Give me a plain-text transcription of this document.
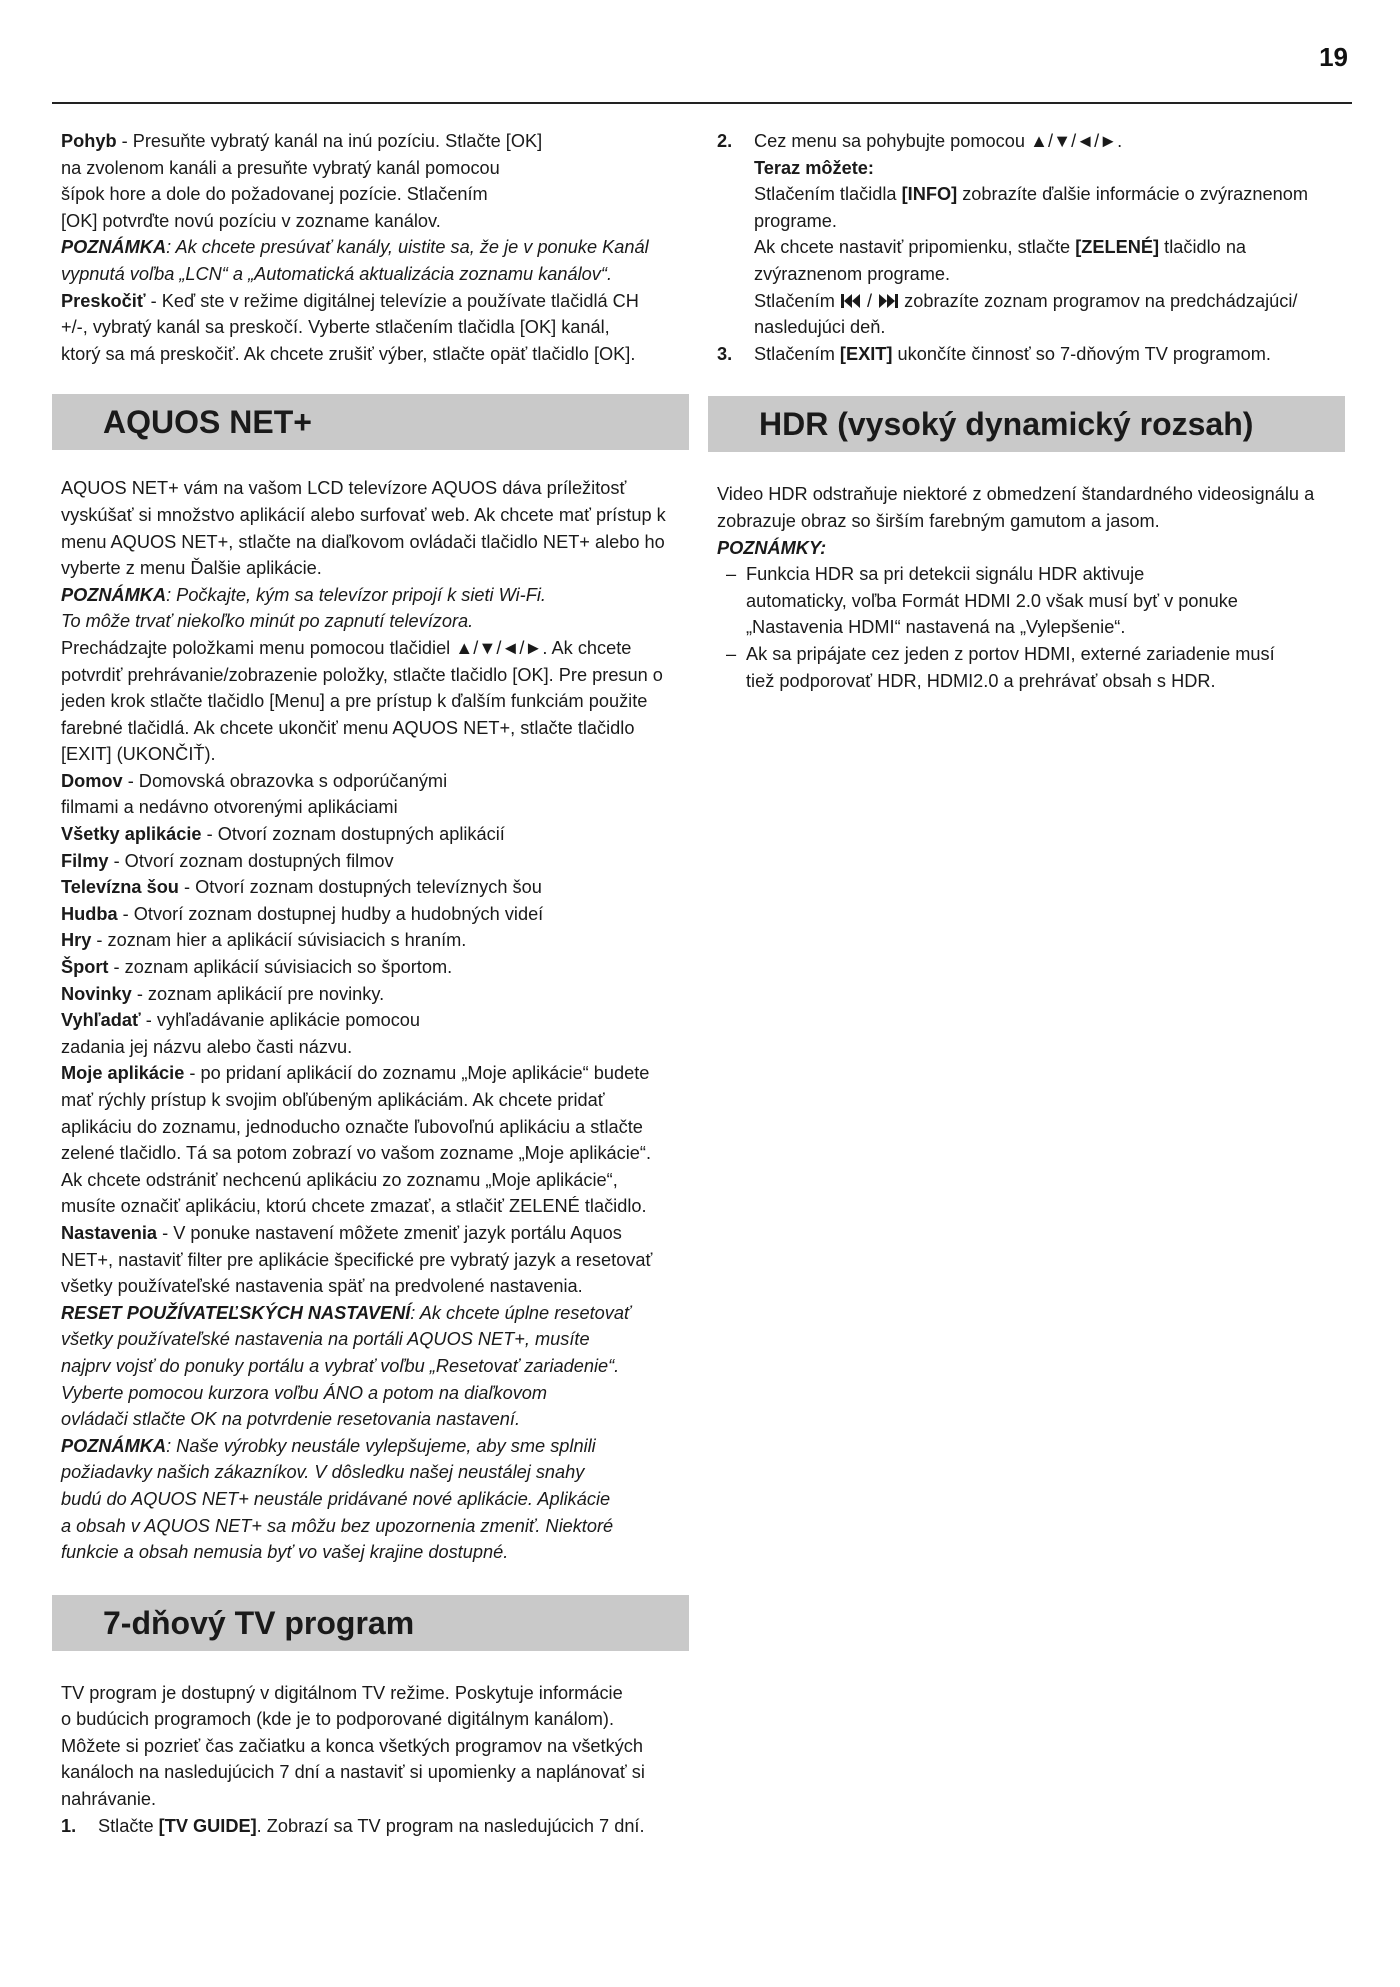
19
Pohyb - Presuňte vybratý kanál na inú pozíciu. Stlačte [OK]
na zvolenom kanáli a presuňte vybratý kanál pomocou
šípok hore a dole do požadovanej pozície. Stlačením
[OK] potvrďte novú pozíciu v zozname kanálov.
POZNÁMKA: Ak chcete presúvať kanály, uistite sa, že je v ponuke Kanál
vypnutá voľba „LCN“ a „Automatická aktualizácia zoznamu kanálov“.
Preskočiť - Keď ste v režime digitálnej televízie a používate tlačidlá CH
+/-, vybratý kanál sa preskočí. Vyberte stlačením tlačidla [OK] kanál,
ktorý sa má preskočiť. Ak chcete zrušiť výber, stlačte opäť tlačidlo [OK].
AQUOS NET+
AQUOS NET+ vám na vašom LCD televízore AQUOS dáva príležitosť
vyskúšať si množstvo aplikácií alebo surfovať web. Ak chcete mať prístup k
menu AQUOS NET+, stlačte na diaľkovom ovládači tlačidlo NET+ alebo ho
vyberte z menu Ďalšie aplikácie.
POZNÁMKA: Počkajte, kým sa televízor pripojí k sieti Wi-Fi.
To môže trvať niekoľko minút po zapnutí televízora.
Prechádzajte položkami menu pomocou tlačidiel ▲/▼/◄/►. Ak chcete
potvrdiť prehrávanie/zobrazenie položky, stlačte tlačidlo [OK]. Pre presun o
jeden krok stlačte tlačidlo [Menu] a pre prístup k ďalším funkciám použite
farebné tlačidlá. Ak chcete ukončiť menu AQUOS NET+, stlačte tlačidlo
[EXIT] (UKONČIŤ).
Domov - Domovská obrazovka s odporúčanými
filmami a nedávno otvorenými aplikáciami
Všetky aplikácie - Otvorí zoznam dostupných aplikácií
Filmy - Otvorí zoznam dostupných filmov
Televízna šou - Otvorí zoznam dostupných televíznych šou
Hudba - Otvorí zoznam dostupnej hudby a hudobných videí
Hry - zoznam hier a aplikácií súvisiacich s hraním.
Šport - zoznam aplikácií súvisiacich so športom.
Novinky - zoznam aplikácií pre novinky.
Vyhľadať - vyhľadávanie aplikácie pomocou
zadania jej názvu alebo časti názvu.
Moje aplikácie - po pridaní aplikácií do zoznamu „Moje aplikácie“ budete
mať rýchly prístup k svojim obľúbeným aplikáciám. Ak chcete pridať
aplikáciu do zoznamu, jednoducho označte ľubovoľnú aplikáciu a stlačte
zelené tlačidlo. Tá sa potom zobrazí vo vašom zozname „Moje aplikácie“.
Ak chcete odstrániť nechcenú aplikáciu zo zoznamu „Moje aplikácie“,
musíte označiť aplikáciu, ktorú chcete zmazať, a stlačiť ZELENÉ tlačidlo.
Nastavenia - V ponuke nastavení môžete zmeniť jazyk portálu Aquos
NET+, nastaviť filter pre aplikácie špecifické pre vybratý jazyk a resetovať
všetky používateľské nastavenia späť na predvolené nastavenia.
RESET POUŽÍVATEĽSKÝCH NASTAVENÍ: Ak chcete úplne resetovať
všetky používateľské nastavenia na portáli AQUOS NET+, musíte
najprv vojsť do ponuky portálu a vybrať voľbu „Resetovať zariadenie“.
Vyberte pomocou kurzora voľbu ÁNO a potom na diaľkovom
ovládači stlačte OK na potvrdenie resetovania nastavení.
POZNÁMKA: Naše výrobky neustále vylepšujeme, aby sme splnili
požiadavky našich zákazníkov. V dôsledku našej neustálej snahy
budú do AQUOS NET+ neustále pridávané nové aplikácie. Aplikácie
a obsah v AQUOS NET+ sa môžu bez upozornenia zmeniť. Niektoré
funkcie a obsah nemusia byť vo vašej krajine dostupné.
7-dňový TV program
TV program je dostupný v digitálnom TV režime. Poskytuje informácie
o budúcich programoch (kde je to podporované digitálnym kanálom).
Môžete si pozrieť čas začiatku a konca všetkých programov na všetkých
kanáloch na nasledujúcich 7 dní a nastaviť si upomienky a naplánovať si
nahrávanie.
1.	Stlačte [TV GUIDE]. Zobrazí sa TV program na nasledujúcich 7 dní.
2.	Cez menu sa pohybujte pomocou ▲/▼/◄/►.
Teraz môžete:
Stlačením tlačidla [INFO] zobrazíte ďalšie informácie o zvýraznenom
programe.
Ak chcete nastaviť pripomienku, stlačte [ZELENÉ] tlačidlo na
zvýraznenom programe.
Stlačením  /  zobrazíte zoznam programov na predchádzajúci/
nasledujúci deň.
3.	Stlačením [EXIT] ukončíte činnosť so 7-dňovým TV programom.
HDR (vysoký dynamický rozsah)
Video HDR odstraňuje niektoré z obmedzení štandardného videosignálu a
zobrazuje obraz so širším farebným gamutom a jasom.
POZNÁMKY:
– Funkcia HDR sa pri detekcii signálu HDR aktivuje
automaticky, voľba Formát HDMI 2.0 však musí byť v ponuke
„Nastavenia HDMI“ nastavená na „Vylepšenie“.
– Ak sa pripájate cez jeden z portov HDMI, externé zariadenie musí
tiež podporovať HDR, HDMI2.0 a prehrávať obsah s HDR.
